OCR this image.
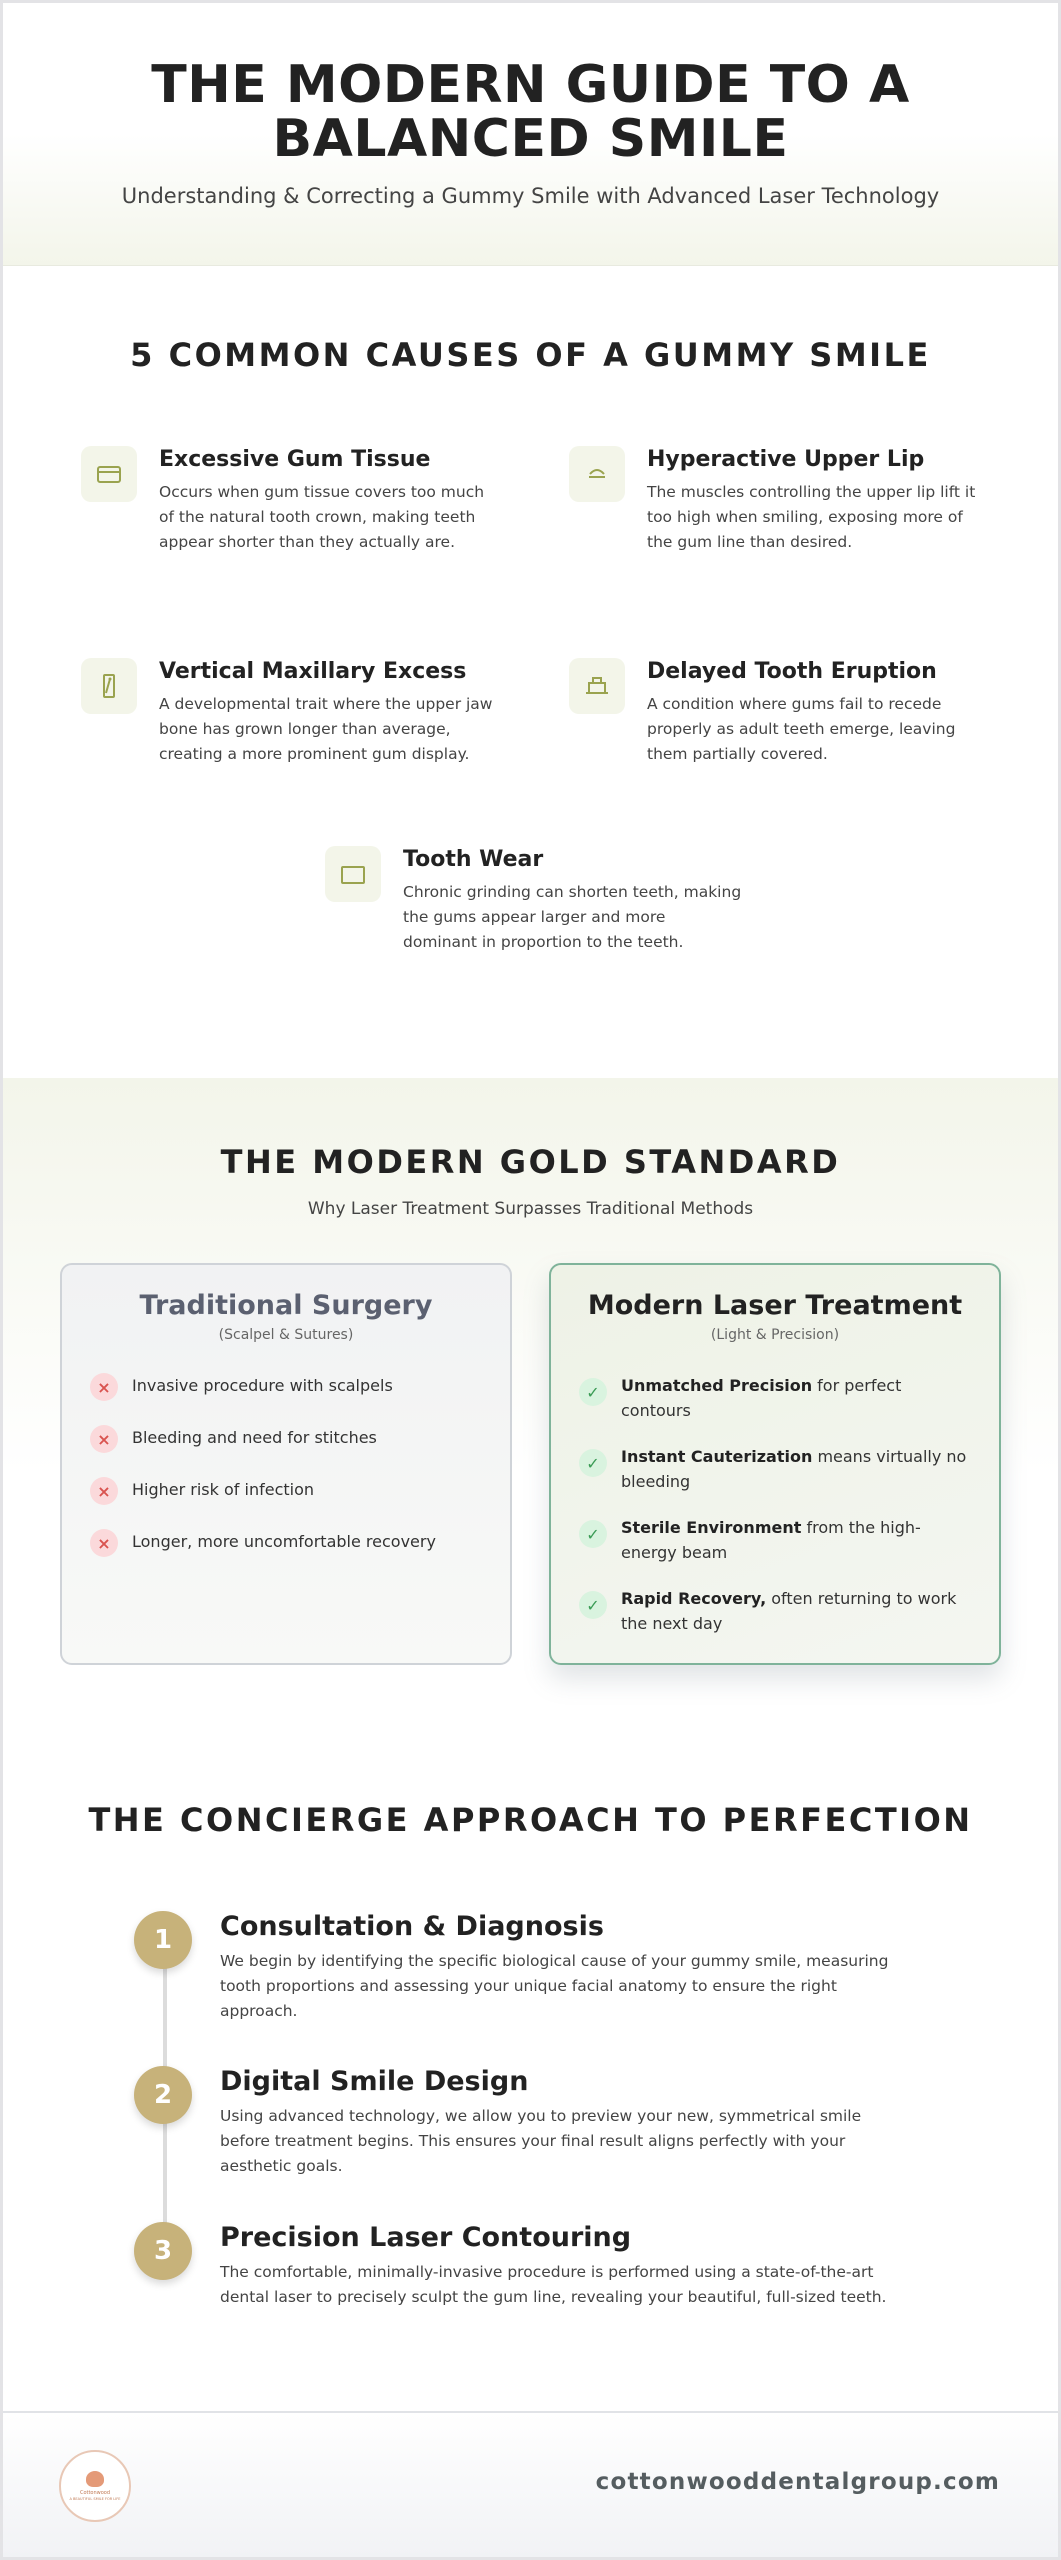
THE MODERN GUIDE TO A
BALANCED SMILE

Understanding & Correcting a Gummy Smile with Advanced Laser Technology

5 COMMON CAUSES OF A GUMMY SMILE
Excessive Gum Tissue

Occurs when gum tissue covers too much of the natural tooth crown, making teeth appear shorter than they actually are.

Hyperactive Upper Lip

The muscles controlling the upper lip lift it too high when smiling, exposing more of the gum line than desired.

Vertical Maxillary Excess

A developmental trait where the upper jaw bone has grown longer than average, creating a more prominent gum display.

Delayed Tooth Eruption

A condition where gums fail to recede properly as adult teeth emerge, leaving them partially covered.

Tooth Wear

Chronic grinding can shorten teeth, making the gums appear larger and more dominant in proportion to the teeth.

THE MODERN GOLD STANDARD

Why Laser Treatment Surpasses Traditional Methods

Traditional Surgery
(Scalpel & Sutures)
×	Invasive procedure with scalpels
×	Bleeding and need for stitches
×	Higher risk of infection
×	Longer, more uncomfortable recovery
Modern Laser Treatment
(Light & Precision)
✓	Unmatched Precision for perfect contours
✓	Instant Cauterization means virtually no bleeding
✓	Sterile Environment from the high-energy beam
✓	Rapid Recovery, often returning to work the next day
THE CONCIERGE APPROACH TO PERFECTION
1	Consultation & Diagnosis

We begin by identifying the specific biological cause of your gummy smile, measuring tooth proportions and assessing your unique facial anatomy to ensure the right approach.

2	Digital Smile Design

Using advanced technology, we allow you to preview your new, symmetrical smile before treatment begins. This ensures your final result aligns perfectly with your aesthetic goals.

3	Precision Laser Contouring

The comfortable, minimally-invasive procedure is performed using a state-of-the-art dental laser to precisely sculpt the gum line, revealing your beautiful, full-sized teeth.

Cottonwood
A BEAUTIFUL SMILE FOR LIFE
cottonwooddentalgroup.com
